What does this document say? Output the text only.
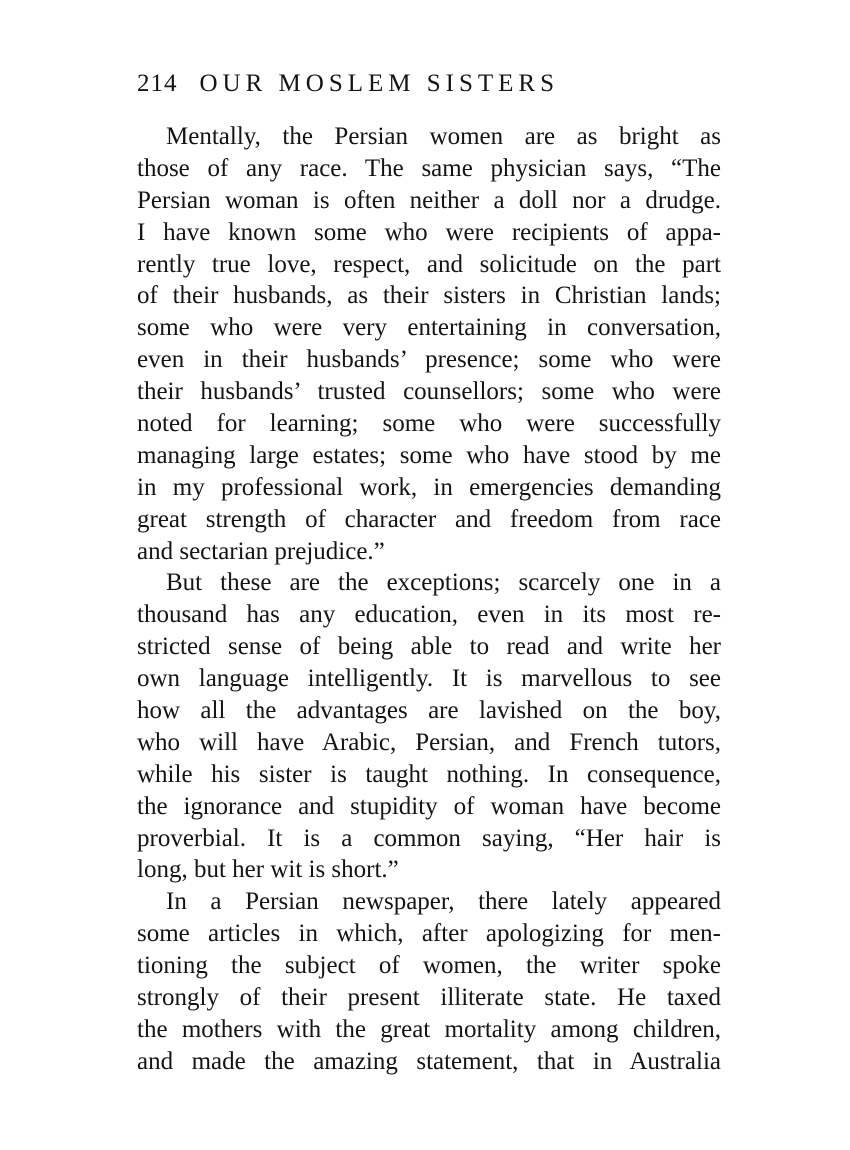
214 OUR MOSLEM SISTERS
Mentally, the Persian women are as bright as
those of any race. The same physician says, “The
Persian woman is often neither a doll nor a drudge.
I have known some who were recipients of appa-
rently true love, respect, and solicitude on the part
of their husbands, as their sisters in Christian lands;
some who were very entertaining in conversation,
even in their husbands’ presence; some who were
their husbands’ trusted counsellors; some who were
noted for learning; some who were successfully
managing large estates; some who have stood by me
in my professional work, in emergencies demanding
great strength of character and freedom from race
and sectarian prejudice.”
But these are the exceptions; scarcely one in a
thousand has any education, even in its most re-
stricted sense of being able to read and write her
own language intelligently. It is marvellous to see
how all the advantages are lavished on the boy,
who will have Arabic, Persian, and French tutors,
while his sister is taught nothing. In consequence,
the ignorance and stupidity of woman have become
proverbial. It is a common saying, “Her hair is
long, but her wit is short.”
In a Persian newspaper, there lately appeared
some articles in which, after apologizing for men-
tioning the subject of women, the writer spoke
strongly of their present illiterate state. He taxed
the mothers with the great mortality among children,
and made the amazing statement, that in Australia
